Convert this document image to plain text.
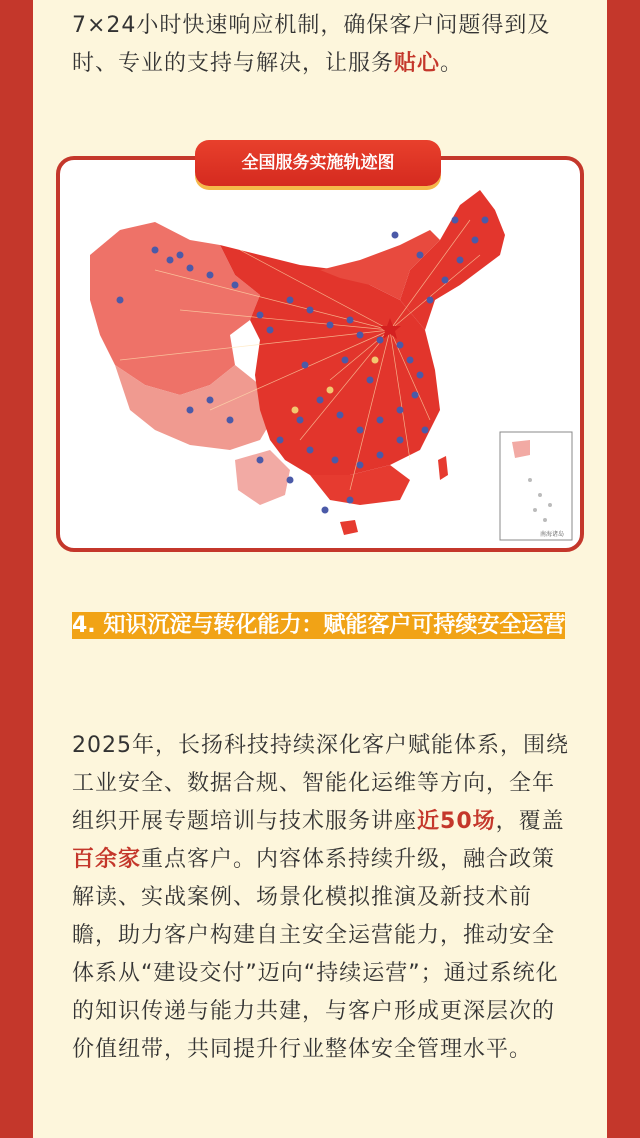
7×24小时快速响应机制，确保客户问题得到及时、专业的支持与解决，让服务贴心。

全国服务实施轨迹图
南海诸岛

4. 知识沉淀与转化能力：赋能客户可持续安全运营

2025年，长扬科技持续深化客户赋能体系，围绕工业安全、数据合规、智能化运维等方向，全年组织开展专题培训与技术服务讲座近50场，覆盖百余家重点客户。内容体系持续升级，融合政策解读、实战案例、场景化模拟推演及新技术前瞻，助力客户构建自主安全运营能力，推动安全体系从“建设交付”迈向“持续运营”；通过系统化的知识传递与能力共建，与客户形成更深层次的价值纽带，共同提升行业整体安全管理水平。
